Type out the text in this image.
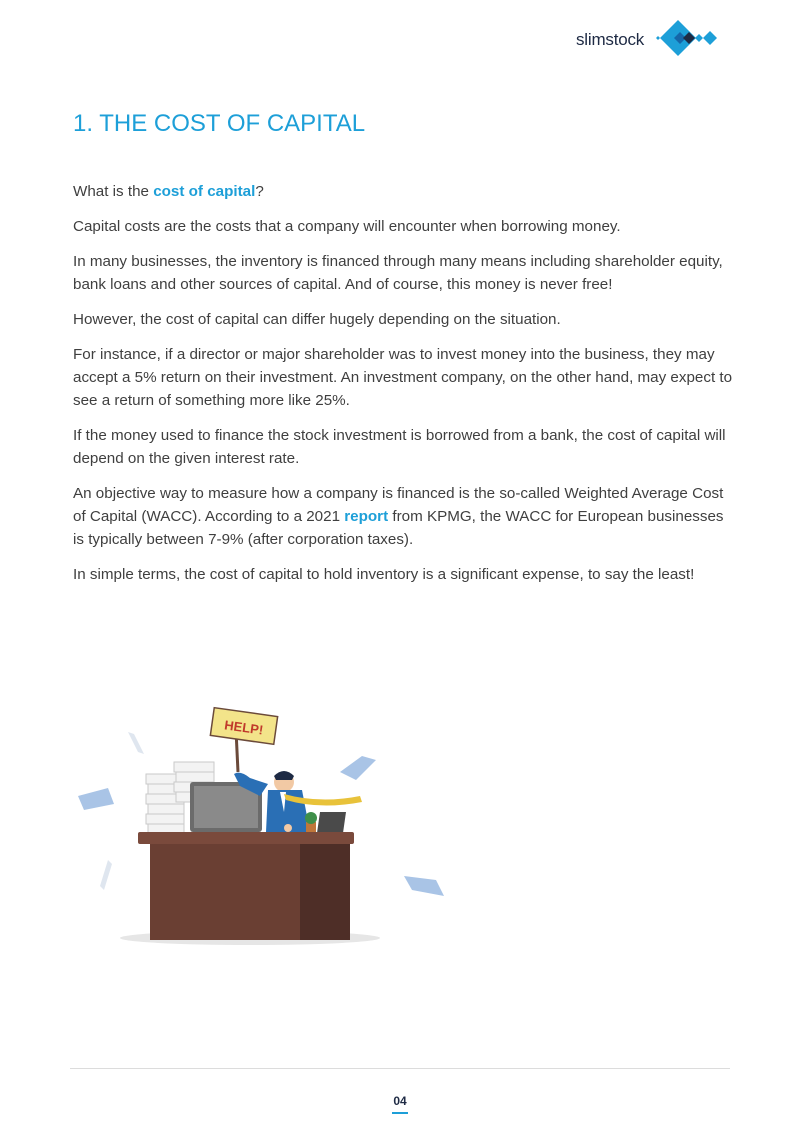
slimstock
1. THE COST OF CAPITAL

What is the cost of capital?

Capital costs are the costs that a company will encounter when borrowing money.

In many businesses, the inventory is financed through many means including shareholder equity, bank loans and other sources of capital. And of course, this money is never free!

However, the cost of capital can differ hugely depending on the situation.

For instance, if a director or major shareholder was to invest money into the business, they may accept a 5% return on their investment. An investment company, on the other hand, may expect to see a return of something more like 25%.

If the money used to finance the stock investment is borrowed from a bank, the cost of capital will depend on the given interest rate.

An objective way to measure how a company is financed is the so-called Weighted Average Cost of Capital (WACC). According to a 2021 report from KPMG, the WACC for European businesses is typically between 7-9% (after corporation taxes).

In simple terms, the cost of capital to hold inventory is a significant expense, to say the least!

HELP!
04
